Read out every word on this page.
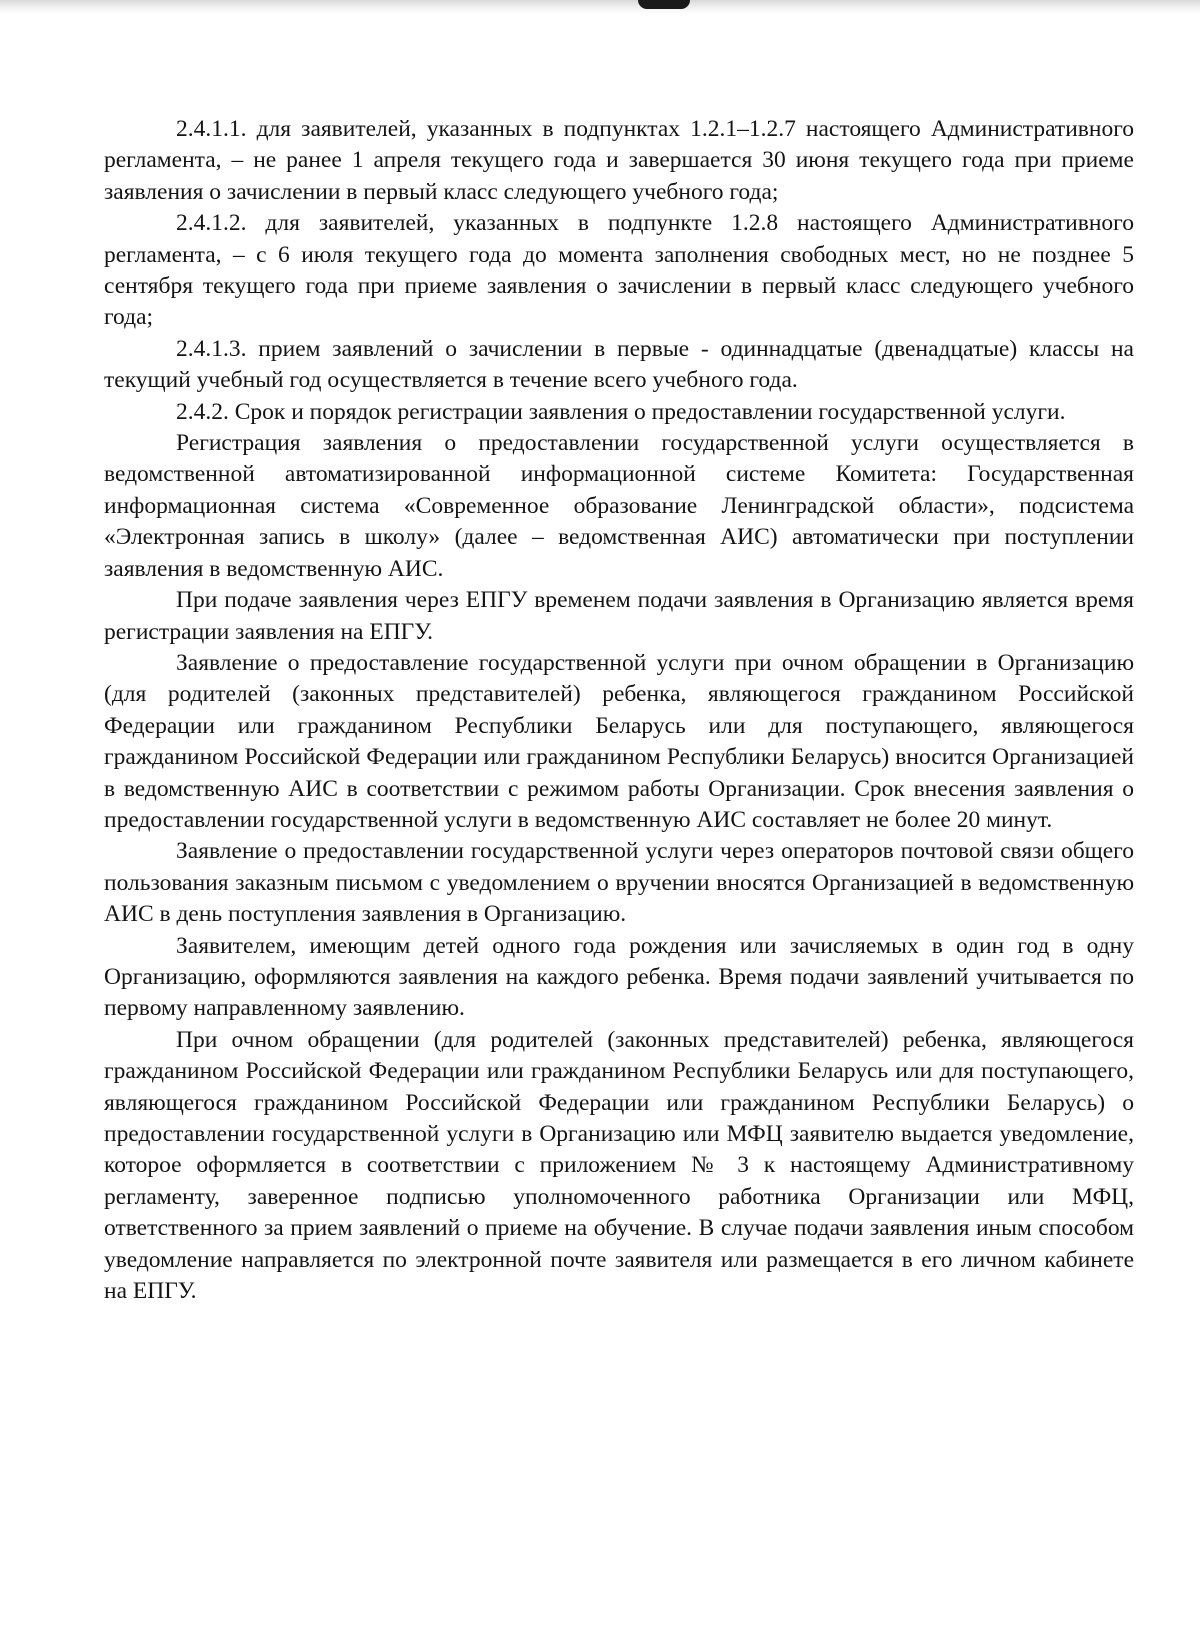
2.4.1.1. для заявителей, указанных в подпунктах 1.2.1–1.2.7 настоящего Административного регламента, – не ранее 1 апреля текущего года и завершается 30 июня текущего года при приеме заявления о зачислении в первый класс следующего учебного года;

2.4.1.2. для заявителей, указанных в подпункте 1.2.8 настоящего Административного регламента, – с 6 июля текущего года до момента заполнения свободных мест, но не позднее 5 сентября текущего года при приеме заявления о зачислении в первый класс следующего учебного года;

2.4.1.3. прием заявлений о зачислении в первые - одиннадцатые (двенадцатые) классы на текущий учебный год осуществляется в течение всего учебного года.

2.4.2. Срок и порядок регистрации заявления о предоставлении государственной услуги.

Регистрация заявления о предоставлении государственной услуги осуществляется в ведомственной автоматизированной информационной системе Комитета: Государственная информационная система «Современное образование Ленинградской области», подсистема «Электронная запись в школу» (далее – ведомственная АИС) автоматически при поступлении заявления в ведомственную АИС.

При подаче заявления через ЕПГУ временем подачи заявления в Организацию является время регистрации заявления на ЕПГУ.

Заявление о предоставление государственной услуги при очном обращении в Организацию (для родителей (законных представителей) ребенка, являющегося гражданином Российской Федерации или гражданином Республики Беларусь или для поступающего, являющегося гражданином Российской Федерации или гражданином Республики Беларусь) вносится Организацией в ведомственную АИС в соответствии с режимом работы Организации. Срок внесения заявления о предоставлении государственной услуги в ведомственную АИС составляет не более 20 минут.

Заявление о предоставлении государственной услуги через операторов почтовой связи общего пользования заказным письмом с уведомлением о вручении вносятся Организацией в ведомственную АИС в день поступления заявления в Организацию.

Заявителем, имеющим детей одного года рождения или зачисляемых в один год в одну Организацию, оформляются заявления на каждого ребенка. Время подачи заявлений учитывается по первому направленному заявлению.

При очном обращении (для родителей (законных представителей) ребенка, являющегося гражданином Российской Федерации или гражданином Республики Беларусь или для поступающего, являющегося гражданином Российской Федерации или гражданином Республики Беларусь) о предоставлении государственной услуги в Организацию или МФЦ заявителю выдается уведомление, которое оформляется в соответствии с приложением № 3 к настоящему Административному регламенту, заверенное подписью уполномоченного работника Организации или МФЦ, ответственного за прием заявлений о приеме на обучение. В случае подачи заявления иным способом уведомление направляется по электронной почте заявителя или размещается в его личном кабинете на ЕПГУ.
